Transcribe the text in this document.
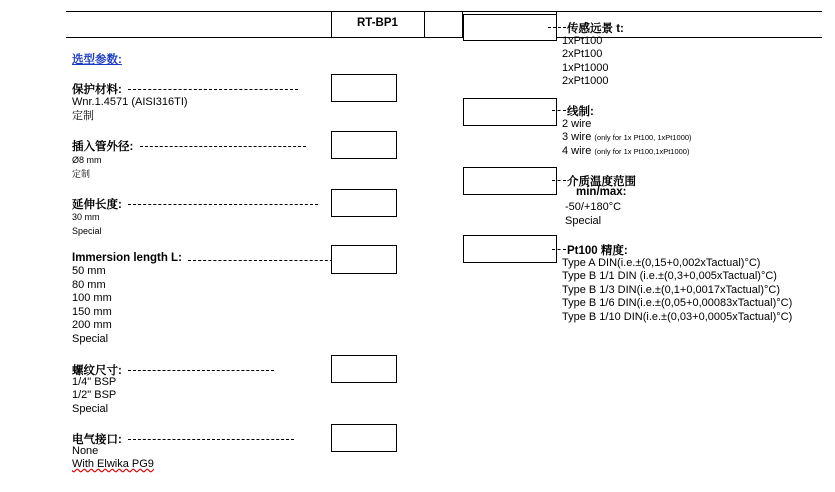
RT-BP1
选型参数:
保护材料:
Wnr.1.4571 (AISI316TI)
定制
插入管外径:
Ø8 mm
定制
延伸长度:
30 mm
Special
Immersion length L:
50 mm
80 mm
100 mm
150 mm
200 mm
Special
螺纹尺寸:
1/4" BSP
1/2" BSP
Special
电气接口:
None
With Elwika PG9
传感远景 t:
1xPt100
2xPt100
1xPt1000
2xPt1000
线制:
2 wire
3 wire (only for 1x Pt100, 1xPt1000)
4 wire (only for 1x Pt100,1xPt1000)
介质温度范围
min/max:
-50/+180°C
Special
Pt100 精度:
Type A DIN(i.e.±(0,15+0,002xTactual)°C)
Type B 1/1 DIN (i.e.±(0,3+0,005xTactual)°C)
Type B 1/3 DIN(i.e.±(0,1+0,0017xTactual)°C)
Type B 1/6 DIN(i.e.±(0,05+0,00083xTactual)°C)
Type B 1/10 DIN(i.e.±(0,03+0,0005xTactual)°C)
